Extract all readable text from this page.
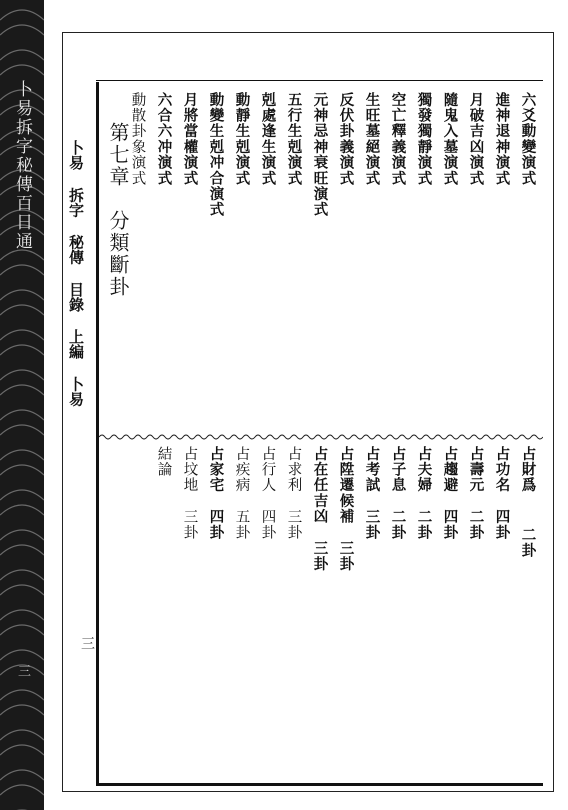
卜易拆字秘傳百日通
三
卜易 拆字 秘傳 目錄 上編 卜易
三
第七章　分類斷卦	六爻動變演式
進神退神演式
月破吉凶演式
隨鬼入墓演式
獨發獨靜演式
空亡釋義演式
生旺墓絕演式
反伏卦義演式
元神忌神衰旺演式
五行生剋演式
剋處逢生演式
動靜生剋演式
動變生剋冲合演式
月將當權演式
六合六冲演式
動散卦象演式
占財爲二卦
占功名四卦
占壽元二卦
占趨避四卦
占夫婦二卦
占子息二卦
占考試三卦
占陞遷候補三卦
占在任吉凶三卦
占求利三卦
占行人四卦
占疾病五卦
占家宅四卦
占坟地三卦
結論
